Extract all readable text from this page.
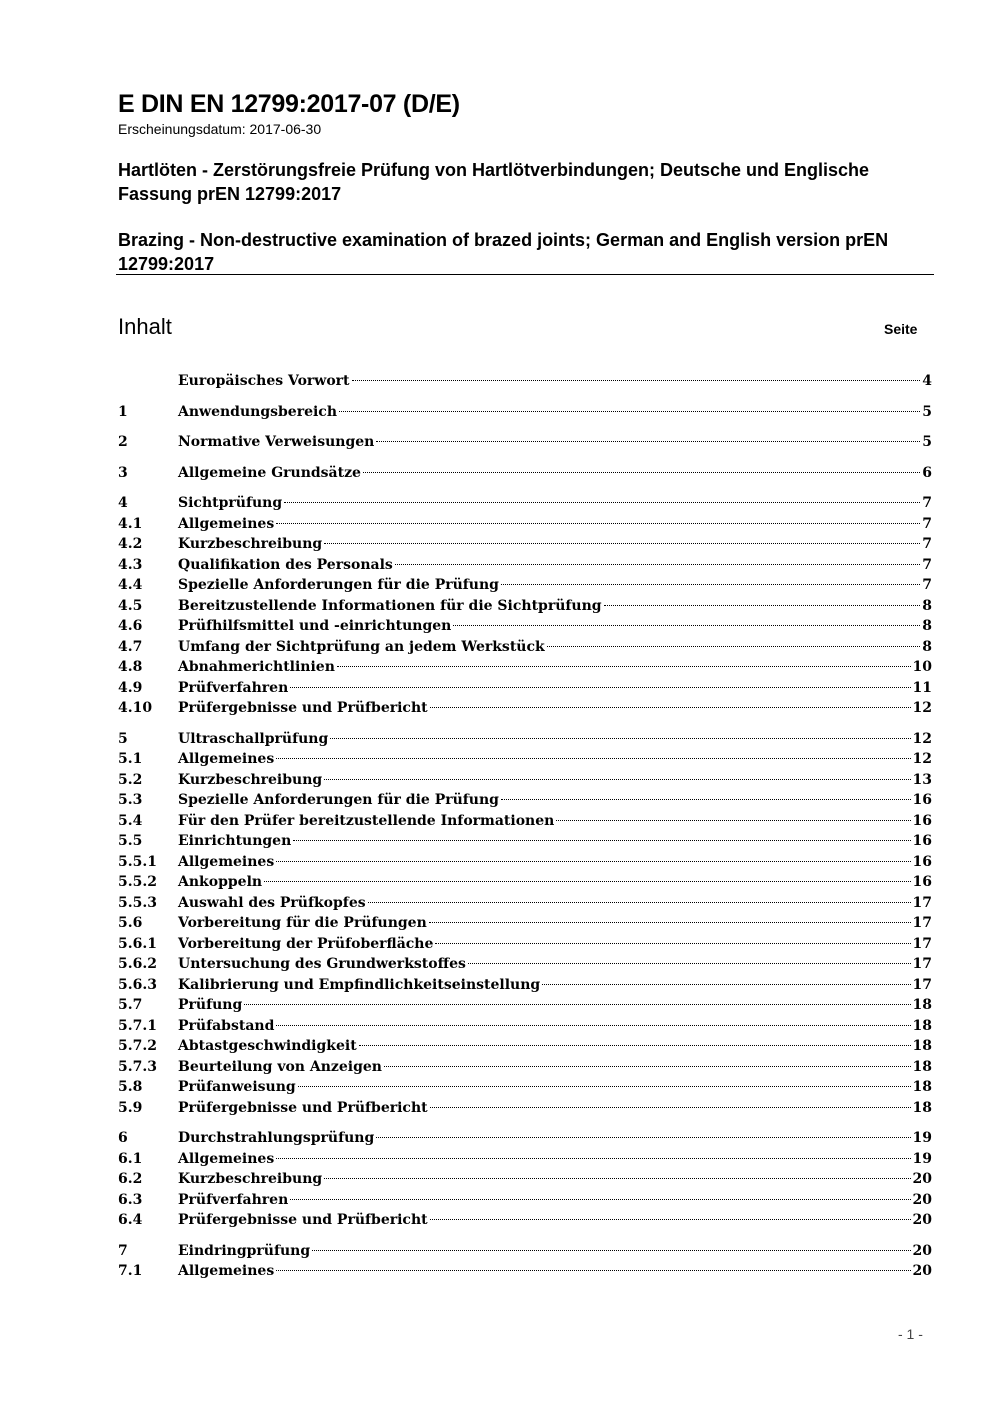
E DIN EN 12799:2017-07 (D/E)
Erscheinungsdatum: 2017-06-30
Hartlöten - Zerstörungsfreie Prüfung von Hartlötverbindungen; Deutsche und Englische Fassung prEN 12799:2017
Brazing - Non-destructive examination of brazed joints; German and English version prEN 12799:2017
Inhalt	Seite
Europäisches Vorwort	4
1	Anwendungsbereich	5
2	Normative Verweisungen	5
3	Allgemeine Grundsätze	6
4	Sichtprüfung	7
4.1	Allgemeines	7
4.2	Kurzbeschreibung	7
4.3	Qualifikation des Personals	7
4.4	Spezielle Anforderungen für die Prüfung	7
4.5	Bereitzustellende Informationen für die Sichtprüfung	8
4.6	Prüfhilfsmittel und -einrichtungen	8
4.7	Umfang der Sichtprüfung an jedem Werkstück	8
4.8	Abnahmerichtlinien	10
4.9	Prüfverfahren	11
4.10	Prüfergebnisse und Prüfbericht	12
5	Ultraschallprüfung	12
5.1	Allgemeines	12
5.2	Kurzbeschreibung	13
5.3	Spezielle Anforderungen für die Prüfung	16
5.4	Für den Prüfer bereitzustellende Informationen	16
5.5	Einrichtungen	16
5.5.1	Allgemeines	16
5.5.2	Ankoppeln	16
5.5.3	Auswahl des Prüfkopfes	17
5.6	Vorbereitung für die Prüfungen	17
5.6.1	Vorbereitung der Prüfoberfläche	17
5.6.2	Untersuchung des Grundwerkstoffes	17
5.6.3	Kalibrierung und Empfindlichkeitseinstellung	17
5.7	Prüfung	18
5.7.1	Prüfabstand	18
5.7.2	Abtastgeschwindigkeit	18
5.7.3	Beurteilung von Anzeigen	18
5.8	Prüfanweisung	18
5.9	Prüfergebnisse und Prüfbericht	18
6	Durchstrahlungsprüfung	19
6.1	Allgemeines	19
6.2	Kurzbeschreibung	20
6.3	Prüfverfahren	20
6.4	Prüfergebnisse und Prüfbericht	20
7	Eindringprüfung	20
7.1	Allgemeines	20
- 1 -
